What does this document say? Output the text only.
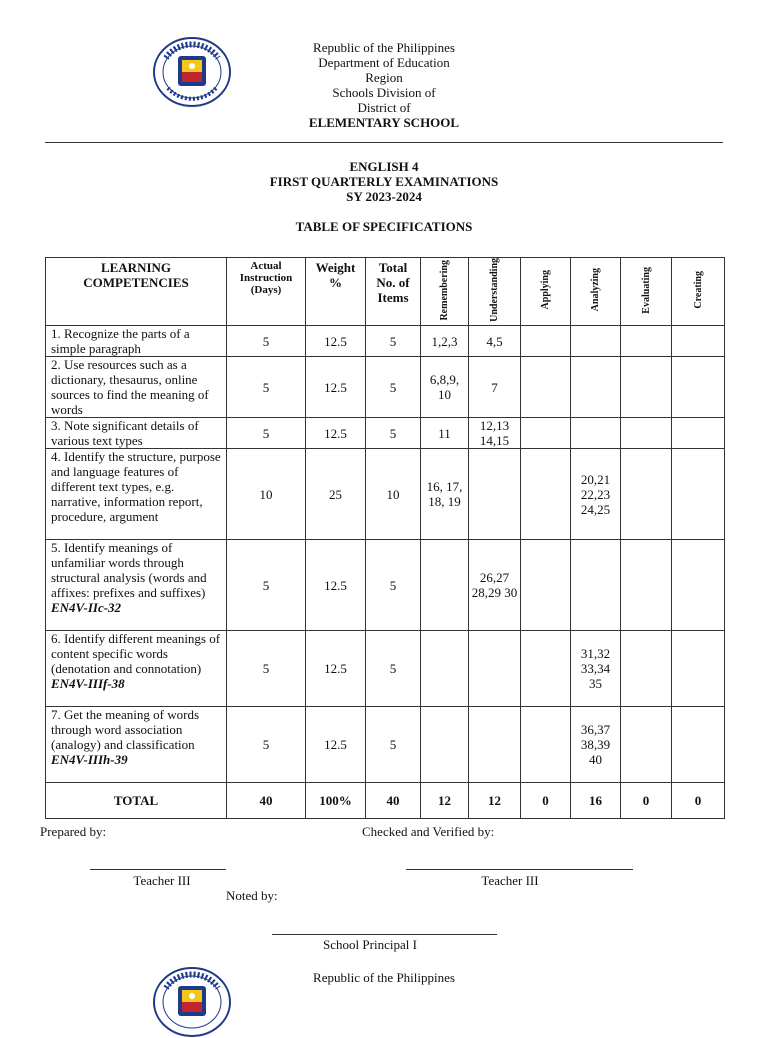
Republic of the Philippines
Department of Education
Region
Schools Division of
District of
ELEMENTARY SCHOOL
ENGLISH 4
FIRST QUARTERLY EXAMINATIONS
SY 2023-2024
TABLE OF SPECIFICATIONS
LEARNING COMPETENCIES	Actual Instruction (Days)	Weight %	Total No. of Items	Remembering	Understanding	Applying	Analyzing	Evaluating	Creating
1. Recognize the parts of a simple paragraph	5	12.5	5	1,2,3	4,5				
2. Use resources such as a dictionary, thesaurus, online sources to find the meaning of words	5	12.5	5	6,8,9, 10	7				
3. Note significant details of various text types	5	12.5	5	11	12,13 14,15				
4. Identify the structure, purpose and language features of different text types, e.g. narrative, information report, procedure, argument	10	25	10	16, 17, 18, 19			20,21 22,23 24,25		
5. Identify meanings of unfamiliar words through structural analysis (words and affixes: prefixes and suffixes)
EN4V-IIc-32	5	12.5	5		26,27 28,29 30				
6. Identify different meanings of content specific words (denotation and connotation)
EN4V-IIIf-38	5	12.5	5				31,32 33,34 35		
7. Get the meaning of words through word association (analogy) and classification
EN4V-IIIh-39	5	12.5	5				36,37 38,39 40		
TOTAL	40	100%	40	12	12	0	16	0	0
Prepared by:	Checked and Verified by:
Teacher III	Teacher III
Noted by:
School Principal I
Republic of the Philippines
